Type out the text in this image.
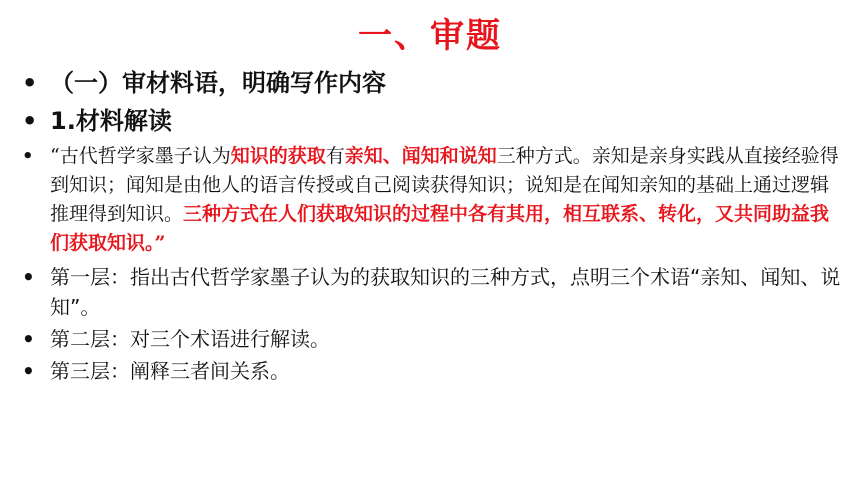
一、审题
• （一）审材料语，明确写作内容
• 1.材料解读
• “古代哲学家墨子认为知识的获取有亲知、闻知和说知三种方式。亲知是亲身实践从直接经验得到知识；闻知是由他人的语言传授或自己阅读获得知识；说知是在闻知亲知的基础上通过逻辑推理得到知识。三种方式在人们获取知识的过程中各有其用，相互联系、转化，又共同助益我们获取知识。”
• 第一层：指出古代哲学家墨子认为的获取知识的三种方式，点明三个术语“亲知、闻知、说知”。
• 第二层：对三个术语进行解读。
• 第三层：阐释三者间关系。
